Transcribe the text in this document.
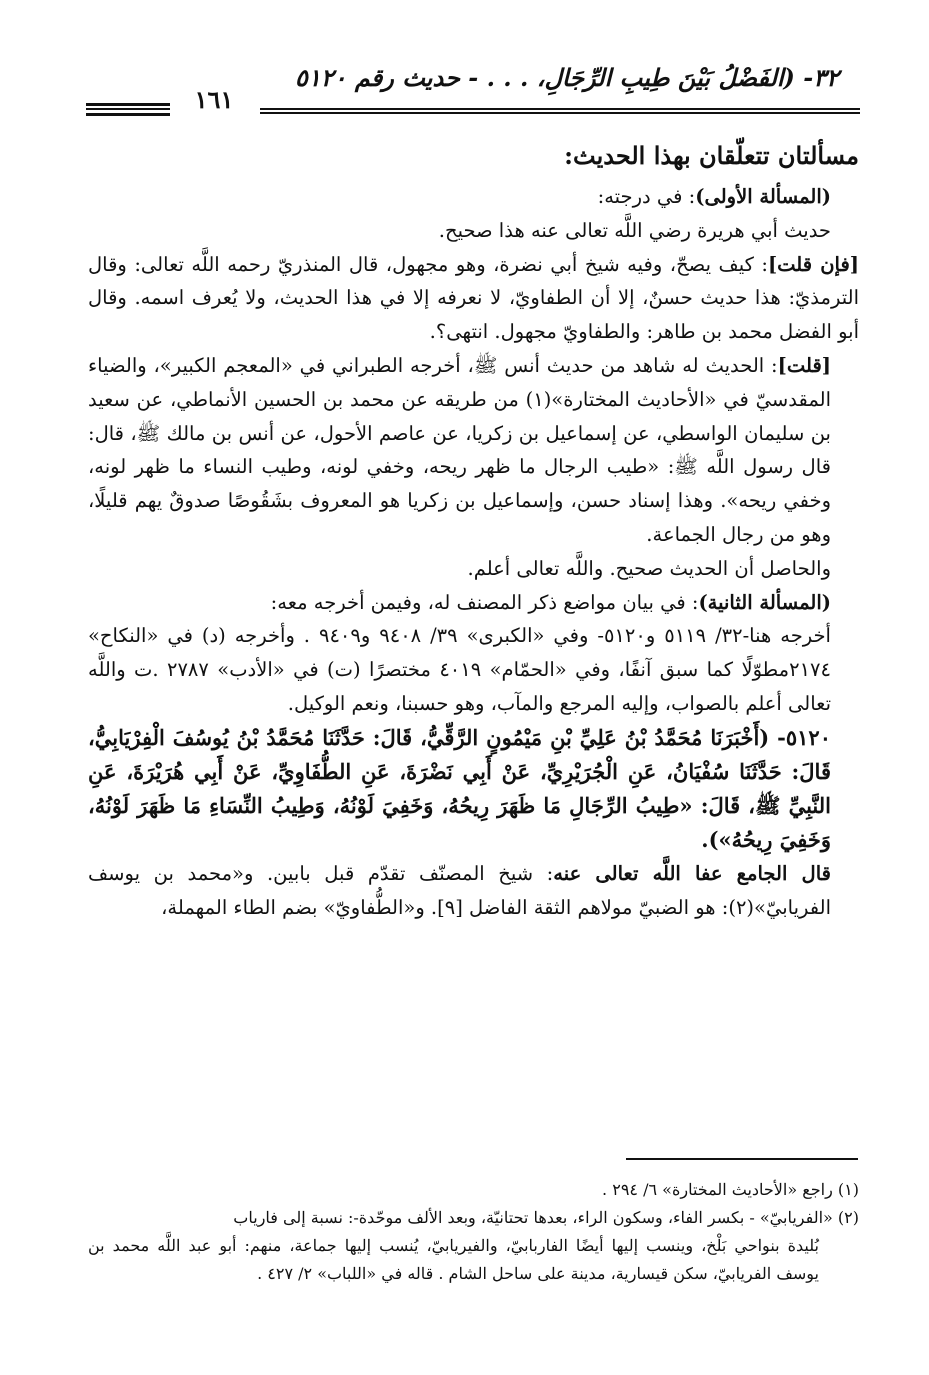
٣٢- (الفَضْلُ بَيْنَ طِيبِ الرِّجَالِ، . . . - حديث رقم ٥١٢٠
١٦١
مسألتان تتعلّقان بهذا الحديث:

(المسألة الأولى): في درجته:

حديث أبي هريرة رضي اللَّه تعالى عنه هذا صحيح.

[فإن قلت]: كيف يصحّ، وفيه شيخ أبي نضرة، وهو مجهول، قال المنذريّ رحمه اللَّه تعالى: وقال الترمذيّ: هذا حديث حسنٌ، إلا أن الطفاويّ، لا نعرفه إلا في هذا الحديث، ولا يُعرف اسمه. وقال أبو الفضل محمد بن طاهر: والطفاويّ مجهول. انتهى؟.

[قلت]: الحديث له شاهد من حديث أنس ﷺ، أخرجه الطبراني في «المعجم الكبير»، والضياء المقدسيّ في «الأحاديث المختارة»(١) من طريقه عن محمد بن الحسين الأنماطي، عن سعيد بن سليمان الواسطي، عن إسماعيل بن زكريا، عن عاصم الأحول، عن أنس بن مالك ﷺ، قال: قال رسول اللَّه ﷺ: «طيب الرجال ما ظهر ريحه، وخفي لونه، وطيب النساء ما ظهر لونه، وخفي ريحه». وهذا إسناد حسن، وإسماعيل بن زكريا هو المعروف بشَقُوصًا صدوقٌ يهم قليلًا، وهو من رجال الجماعة.

والحاصل أن الحديث صحيح. واللَّه تعالى أعلم.

(المسألة الثانية): في بيان مواضع ذكر المصنف له، وفيمن أخرجه معه:

أخرجه هنا-٣٢/ ٥١١٩ و٥١٢٠- وفي «الكبرى» ٣٩/ ٩٤٠٨ و٩٤٠٩ . وأخرجه (د) في «النكاح» ٢١٧٤مطوّلًا كما سبق آنفًا، وفي «الحمّام» ٤٠١٩ مختصرًا (ت) في «الأدب» ٢٧٨٧ .ت واللَّه تعالى أعلم بالصواب، وإليه المرجع والمآب، وهو حسبنا، ونعم الوكيل.

٥١٢٠- (أَخْبَرَنَا مُحَمَّدُ بْنُ عَلِيِّ بْنِ مَيْمُونٍ الرَّقِّيُّ، قَالَ: حَدَّثَنَا مُحَمَّدُ بْنُ يُوسُفَ الْفِرْيَابِيُّ، قَالَ: حَدَّثَنَا سُفْيَانُ، عَنِ الْجُرَيْرِيِّ، عَنْ أَبِي نَضْرَةَ، عَنِ الطُّفَاوِيِّ، عَنْ أَبِي هُرَيْرَةَ، عَنِ النَّبِيِّ ﷺ، قَالَ: «طِيبُ الرِّجَالِ مَا ظَهَرَ رِيحُهُ، وَخَفِيَ لَوْنُهُ، وَطِيبُ النِّسَاءِ مَا ظَهَرَ لَوْنُهُ، وَخَفِيَ رِيحُهُ»).

قال الجامع عفا اللَّه تعالى عنه: شيخ المصنّف تقدّم قبل بابين. و«محمد بن يوسف الفريابيّ»(٢): هو الضبيّ مولاهم الثقة الفاضل [٩]. و«الطُّفاويّ» بضم الطاء المهملة،

(١) راجع «الأحاديث المختارة» ٦/ ٢٩٤ .

(٢) «الفريابيّ» - بكسر الفاء، وسكون الراء، بعدها تحتانيّة، وبعد الألف موحّدة-: نسبة إلى فارياب

بُليدة بنواحي بَلْخ، وينسب إليها أيضًا الفاربابيّ، والفيريابيّ، يُنسب إليها جماعة، منهم: أبو عبد اللَّه محمد بن يوسف الفريابيّ، سكن قيسارية، مدينة على ساحل الشام . قاله في «اللباب» ٢/ ٤٢٧ .
